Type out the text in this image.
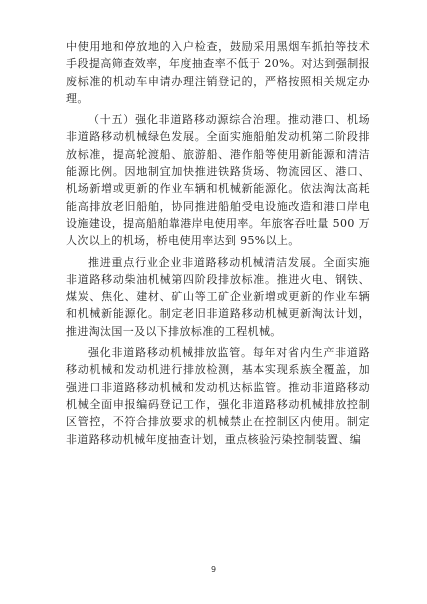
中使用地和停放地的入户检查，鼓励采用黑烟车抓拍等技术
手段提高筛查效率，年度抽查率不低于 20%。对达到强制报
废标准的机动车申请办理注销登记的，严格按照相关规定办
理。
（十五）强化非道路移动源综合治理。推动港口、机场
非道路移动机械绿色发展。全面实施船舶发动机第二阶段排
放标准，提高轮渡船、旅游船、港作船等使用新能源和清洁
能源比例。因地制宜加快推进铁路货场、物流园区、港口、
机场新增或更新的作业车辆和机械新能源化。依法淘汰高耗
能高排放老旧船舶，协同推进船舶受电设施改造和港口岸电
设施建设，提高船舶靠港岸电使用率。年旅客吞吐量 500 万
人次以上的机场，桥电使用率达到 95%以上。
推进重点行业企业非道路移动机械清洁发展。全面实施
非道路移动柴油机械第四阶段排放标准。推进火电、钢铁、
煤炭、焦化、建材、矿山等工矿企业新增或更新的作业车辆
和机械新能源化。制定老旧非道路移动机械更新淘汰计划，
推进淘汰国一及以下排放标准的工程机械。
强化非道路移动机械排放监管。每年对省内生产非道路
移动机械和发动机进行排放检测，基本实现系族全覆盖，加
强进口非道路移动机械和发动机达标监管。推动非道路移动
机械全面申报编码登记工作，强化非道路移动机械排放控制
区管控，不符合排放要求的机械禁止在控制区内使用。制定
非道路移动机械年度抽查计划，重点核验污染控制装置、编
9
